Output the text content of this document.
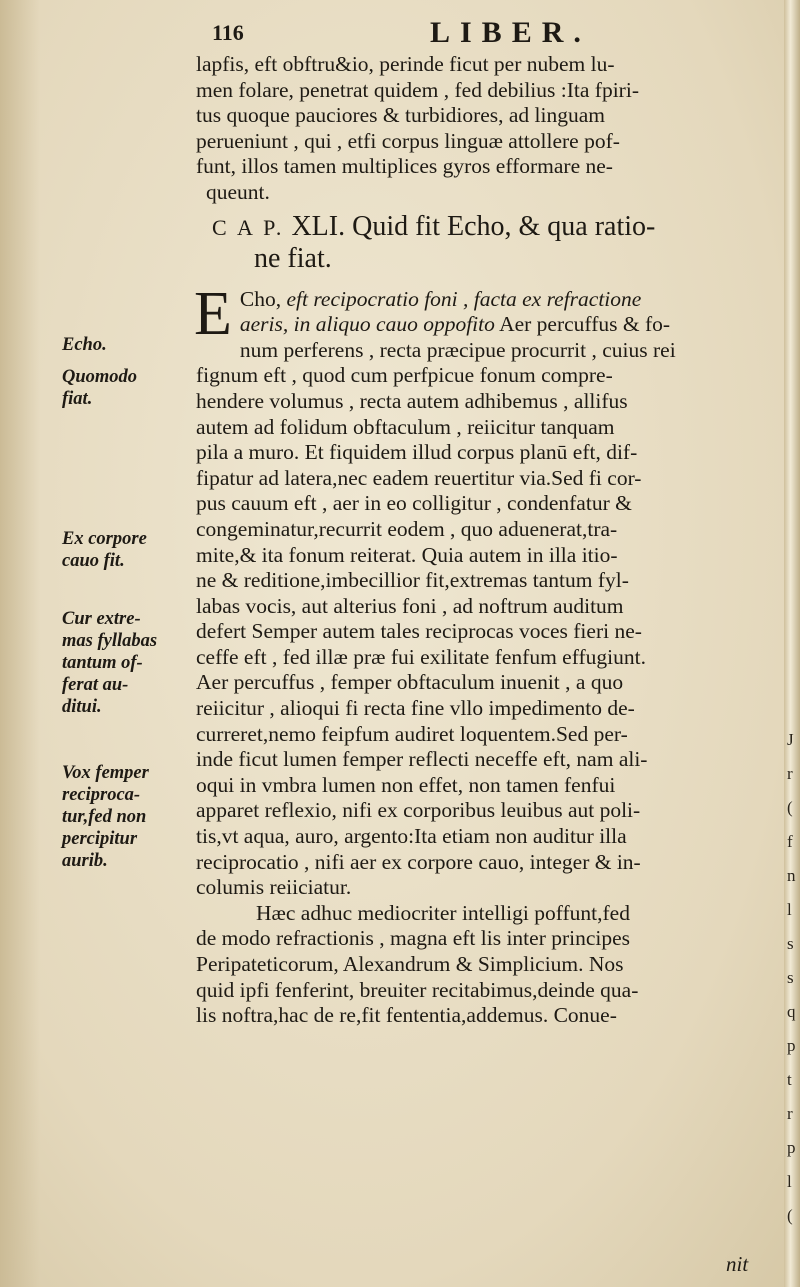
116	LIBER.
lapfis, eft obftru&io, perinde ficut per nubem lu-
men folare, penetrat quidem , fed debilius :Ita fpiri-
tus quoque pauciores & turbidiores, ad linguam
perueniunt , qui , etfi corpus linguæ attollere pof-
funt, illos tamen multiplices gyros efformare ne-
queunt.
C A P. XLI. Quid fit Echo, & qua ratio-
ne fiat.
E Cho, eft recipocratio foni , facta ex refractione
aeris, in aliquo cauo oppofito Aer percuffus & fo-
num perferens , recta præcipue procurrit , cuius rei
fignum eft , quod cum perfpicue fonum compre-
hendere volumus , recta autem adhibemus , allifus
autem ad folidum obftaculum , reiicitur tanquam
pila a muro. Et fiquidem illud corpus planū eft, dif-
fipatur ad latera,nec eadem reuertitur via.Sed fi cor-
pus cauum eft , aer in eo colligitur , condenfatur &
congeminatur,recurrit eodem , quo aduenerat,tra-
mite,& ita fonum reiterat. Quia autem in illa itio-
ne & reditione,imbecillior fit,extremas tantum fyl-
labas vocis, aut alterius foni , ad noftrum auditum
defert Semper autem tales reciprocas voces fieri ne-
ceffe eft , fed illæ præ fui exilitate fenfum effugiunt.
Aer percuffus , femper obftaculum inuenit , a quo
reiicitur , alioqui fi recta fine vllo impedimento de-
curreret,nemo feipfum audiret loquentem.Sed per-
inde ficut lumen femper reflecti neceffe eft, nam ali-
oqui in vmbra lumen non effet, non tamen fenfui
apparet reflexio, nifi ex corporibus leuibus aut poli-
tis,vt aqua, auro, argento:Ita etiam non auditur illa
reciprocatio , nifi aer ex corpore cauo, integer & in-
columis reiiciatur.
Hæc adhuc mediocriter intelligi poffunt,fed
de modo refractionis , magna eft lis inter principes
Peripateticorum, Alexandrum & Simplicium. Nos
quid ipfi fenferint, breuiter recitabimus,deinde qua-
lis noftra,hac de re,fit fententia,addemus. Conue-
Echo.
Quomodo
fiat.
Ex corpore
cauo fit.
Cur extre-
mas fyllabas
tantum of-
ferat au-
ditui.
Vox femper
reciproca-
tur,fed non
percipitur
aurib.
nit
J
r
(
f
n
l
s
s
q
p
t
r
p
l
(
